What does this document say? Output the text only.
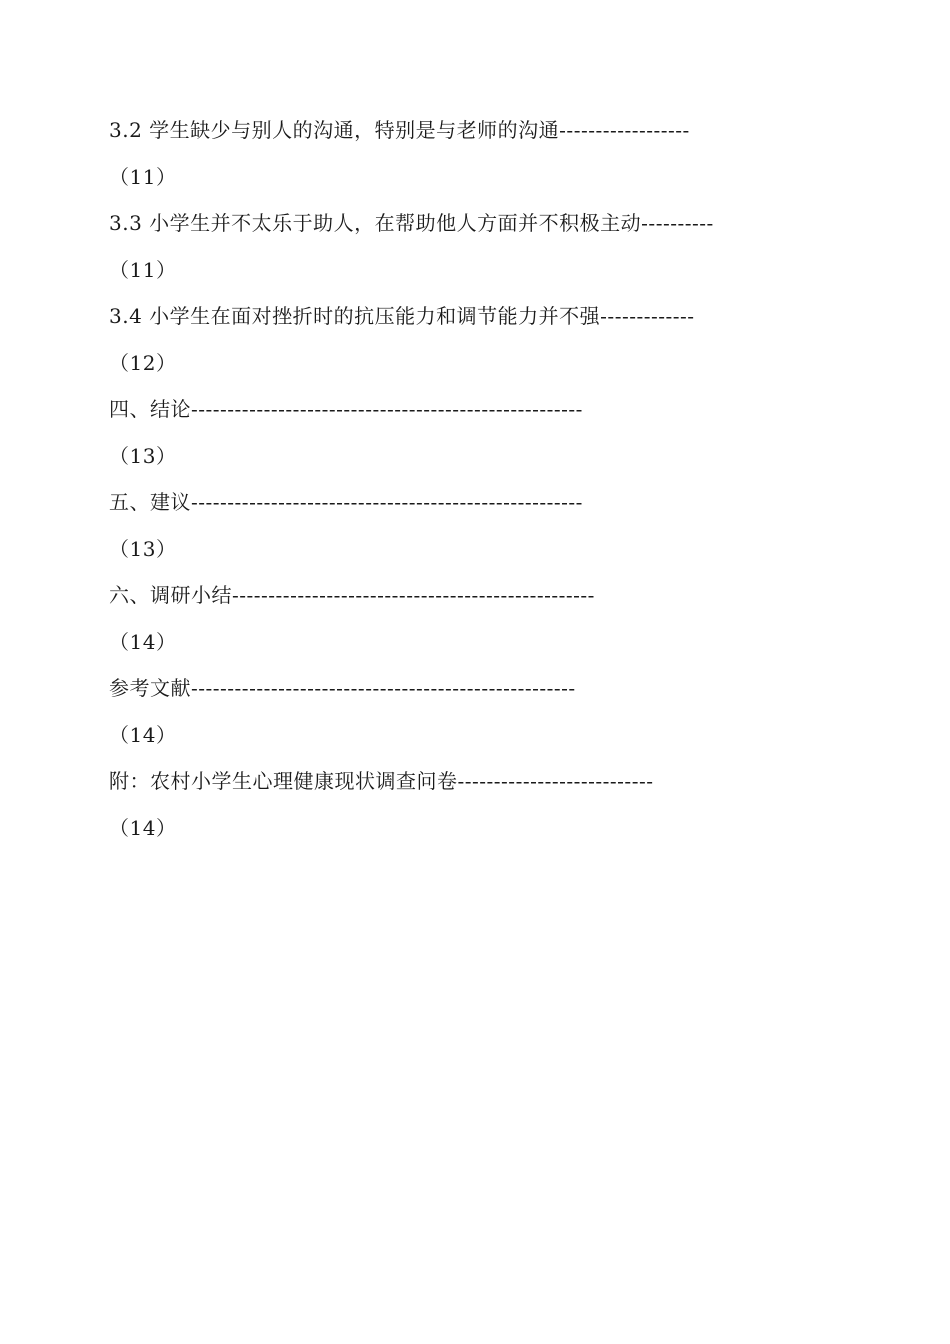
3.2 学生缺少与别人的沟通，特别是与老师的沟通------------------
（11）
3.3 小学生并不太乐于助人，在帮助他人方面并不积极主动----------
（11）
3.4 小学生在面对挫折时的抗压能力和调节能力并不强-------------
（12）
四、结论------------------------------------------------------
（13）
五、建议------------------------------------------------------
（13）
六、调研小结--------------------------------------------------
（14）
参考文献-----------------------------------------------------
（14）
附：农村小学生心理健康现状调查问卷---------------------------
（14）
